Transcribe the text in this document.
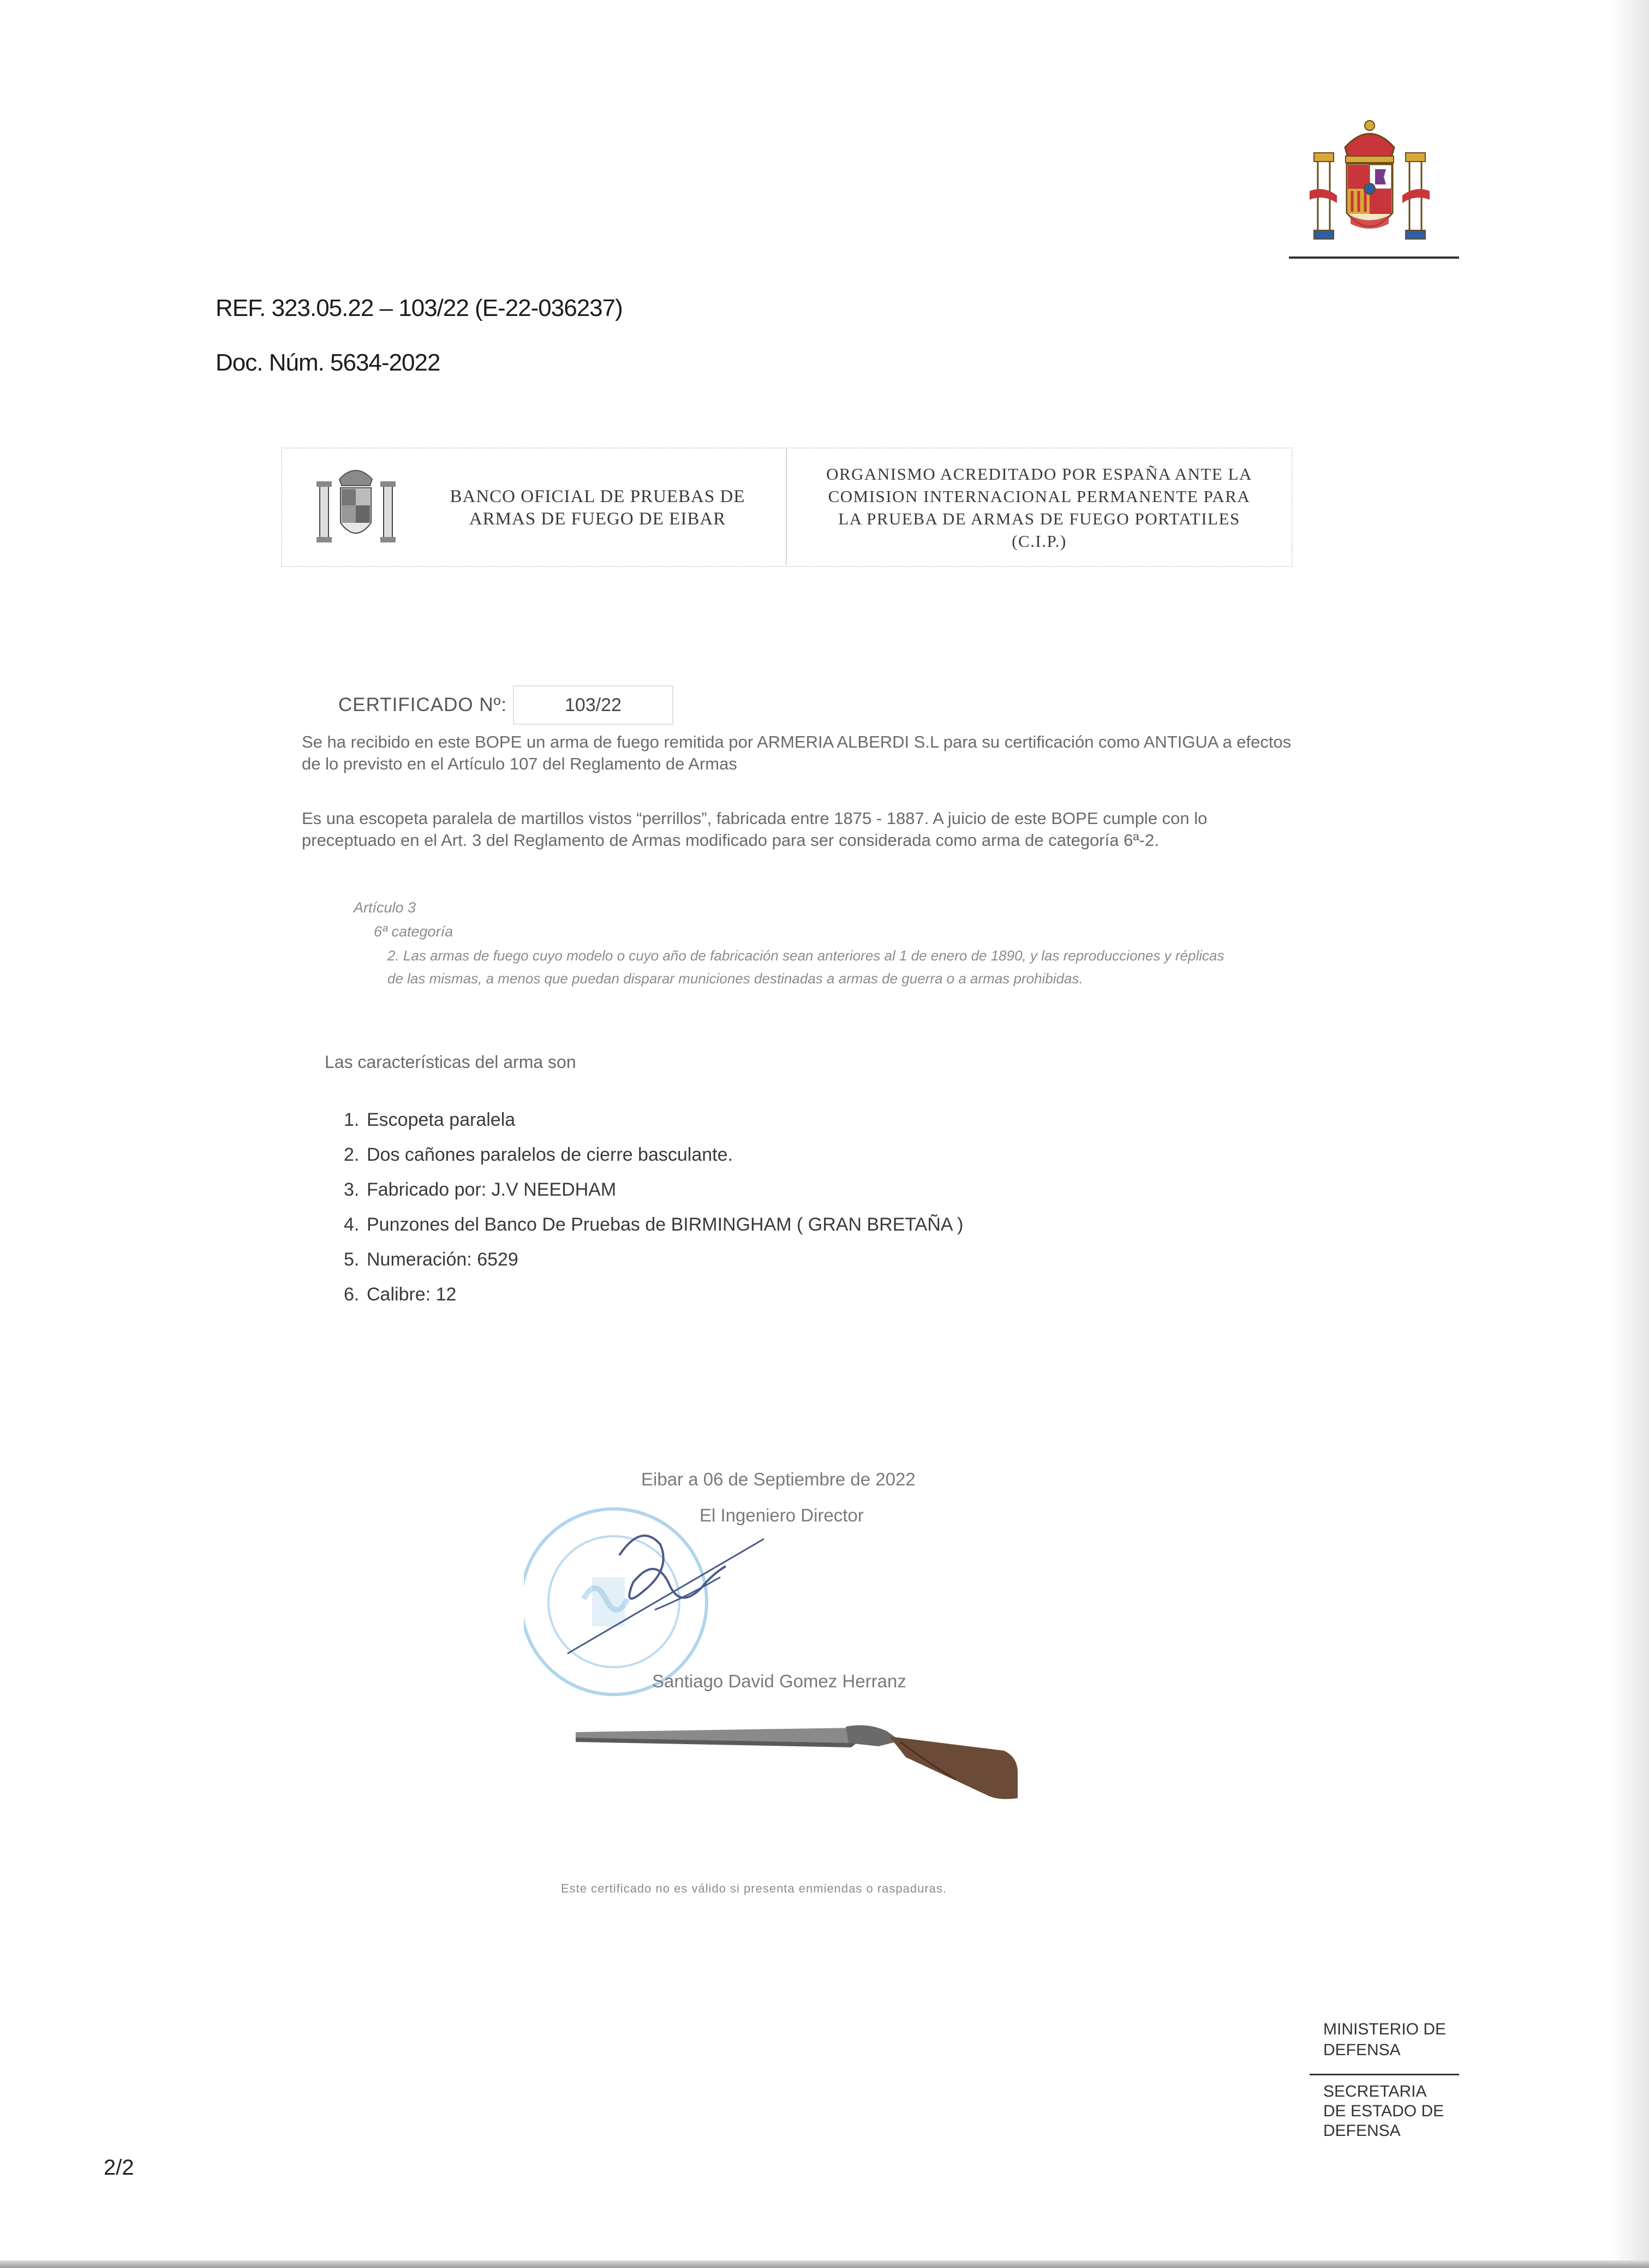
REF. 323.05.22 – 103/22 (E-22-036237)
Doc. Núm. 5634-2022
BANCO OFICIAL DE PRUEBAS DE
ARMAS DE FUEGO DE EIBAR
ORGANISMO ACREDITADO POR ESPAÑA ANTE LA
COMISION INTERNACIONAL PERMANENTE PARA
LA PRUEBA DE ARMAS DE FUEGO PORTATILES
(C.I.P.)
CERTIFICADO Nº:	103/22
Se ha recibido en este BOPE un arma de fuego remitida por ARMERIA ALBERDI S.L para su certificación como ANTIGUA a efectos de lo previsto en el Artículo 107 del Reglamento de Armas
Es una escopeta paralela de martillos vistos “perrillos”, fabricada entre 1875 - 1887. A juicio de este BOPE cumple con lo preceptuado en el Art. 3 del Reglamento de Armas modificado para ser considerada como arma de categoría 6ª-2.
Artículo 3
6ª categoría
2. Las armas de fuego cuyo modelo o cuyo año de fabricación sean anteriores al 1 de enero de 1890, y las reproducciones y réplicas de las mismas, a menos que puedan disparar municiones destinadas a armas de guerra o a armas prohibidas.
Las características del arma son
1. Escopeta paralela
2. Dos cañones paralelos de cierre basculante.
3. Fabricado por: J.V NEEDHAM
4. Punzones del Banco De Pruebas de BIRMINGHAM ( GRAN BRETAÑA )
5. Numeración: 6529
6. Calibre: 12
Eibar a 06 de Septiembre de 2022
El Ingeniero Director
Santiago David Gomez Herranz
Este certificado no es válido si presenta enmiendas o raspaduras.
MINISTERIO DE
DEFENSA
SECRETARIA
DE ESTADO DE
DEFENSA
2/2
